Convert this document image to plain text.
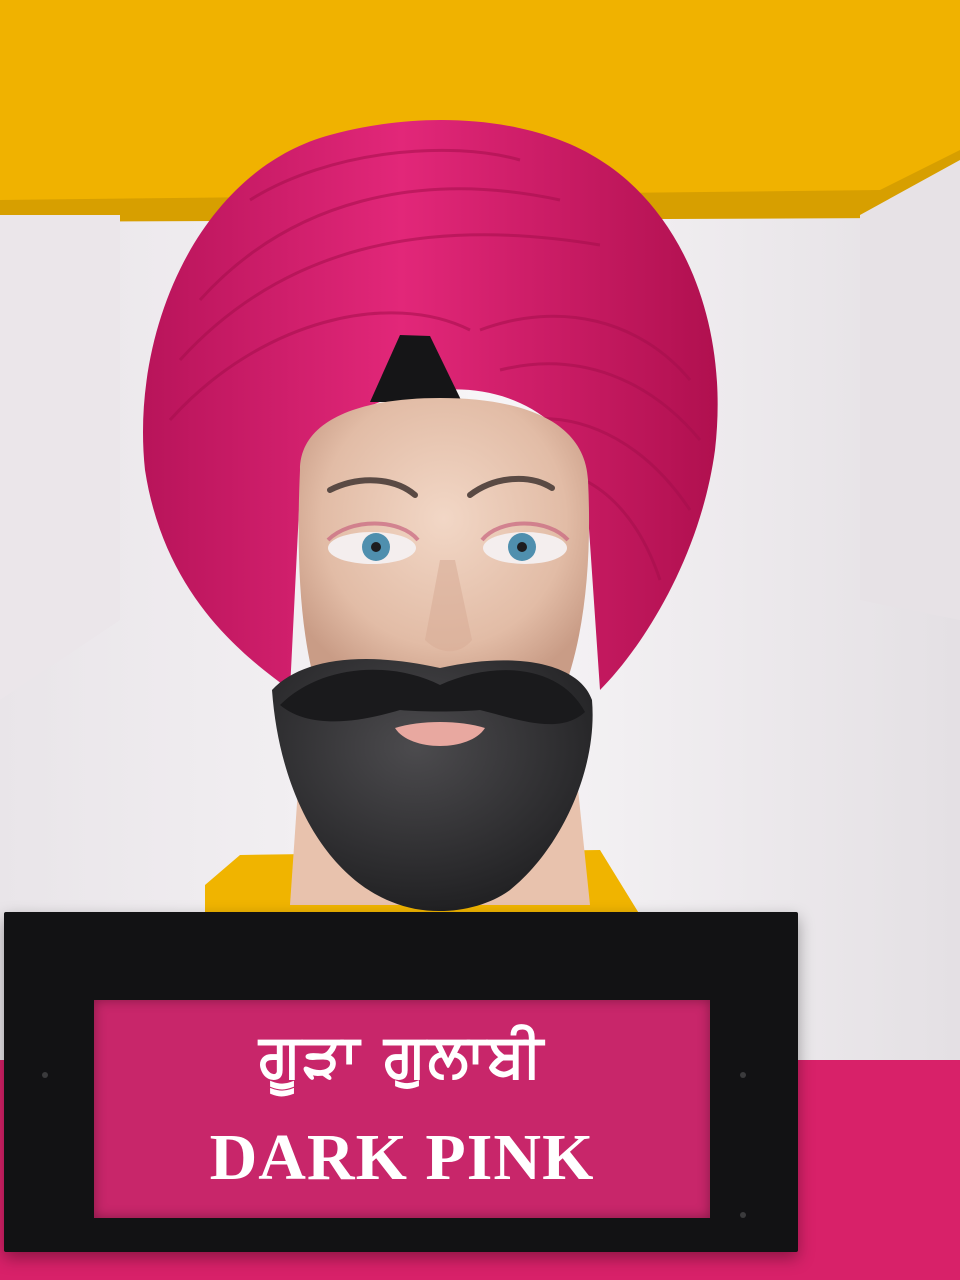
ਗੂੜਾ ਗੁਲਾਬੀ
DARK PINK
